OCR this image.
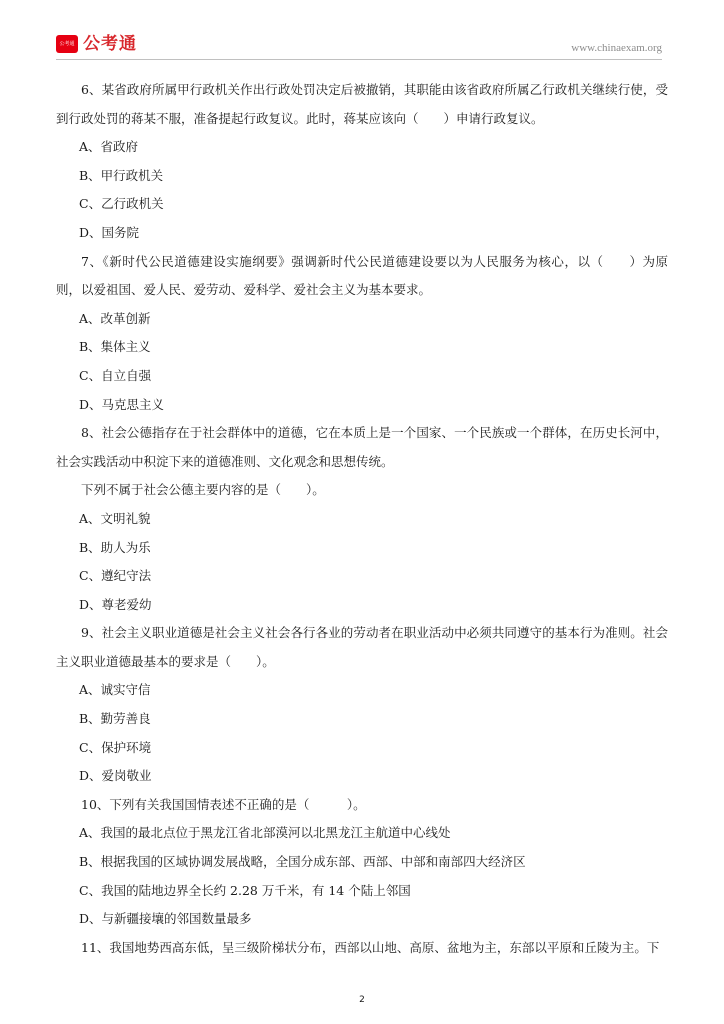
公考通 公考通	www.chinaexam.org

6、某省政府所属甲行政机关作出行政处罚决定后被撤销，其职能由该省政府所属乙行政机关继续行使，受到行政处罚的蒋某不服，准备提起行政复议。此时，蒋某应该向（　　）申请行政复议。

A、省政府

B、甲行政机关

C、乙行政机关

D、国务院

7、《新时代公民道德建设实施纲要》强调新时代公民道德建设要以为人民服务为核心，以（　　）为原则，以爱祖国、爱人民、爱劳动、爱科学、爱社会主义为基本要求。

A、改革创新

B、集体主义

C、自立自强

D、马克思主义

8、社会公德指存在于社会群体中的道德，它在本质上是一个国家、一个民族或一个群体，在历史长河中，社会实践活动中积淀下来的道德准则、文化观念和思想传统。

下列不属于社会公德主要内容的是（　　）。

A、文明礼貌

B、助人为乐

C、遵纪守法

D、尊老爱幼

9、社会主义职业道德是社会主义社会各行各业的劳动者在职业活动中必须共同遵守的基本行为准则。社会主义职业道德最基本的要求是（　　）。

A、诚实守信

B、勤劳善良

C、保护环境

D、爱岗敬业

10、下列有关我国国情表述不正确的是（　　　）。

A、我国的最北点位于黑龙江省北部漠河以北黑龙江主航道中心线处

B、根据我国的区域协调发展战略，全国分成东部、西部、中部和南部四大经济区

C、我国的陆地边界全长约 2.28 万千米，有 14 个陆上邻国

D、与新疆接壤的邻国数量最多

11、我国地势西高东低，呈三级阶梯状分布，西部以山地、高原、盆地为主，东部以平原和丘陵为主。下

2
